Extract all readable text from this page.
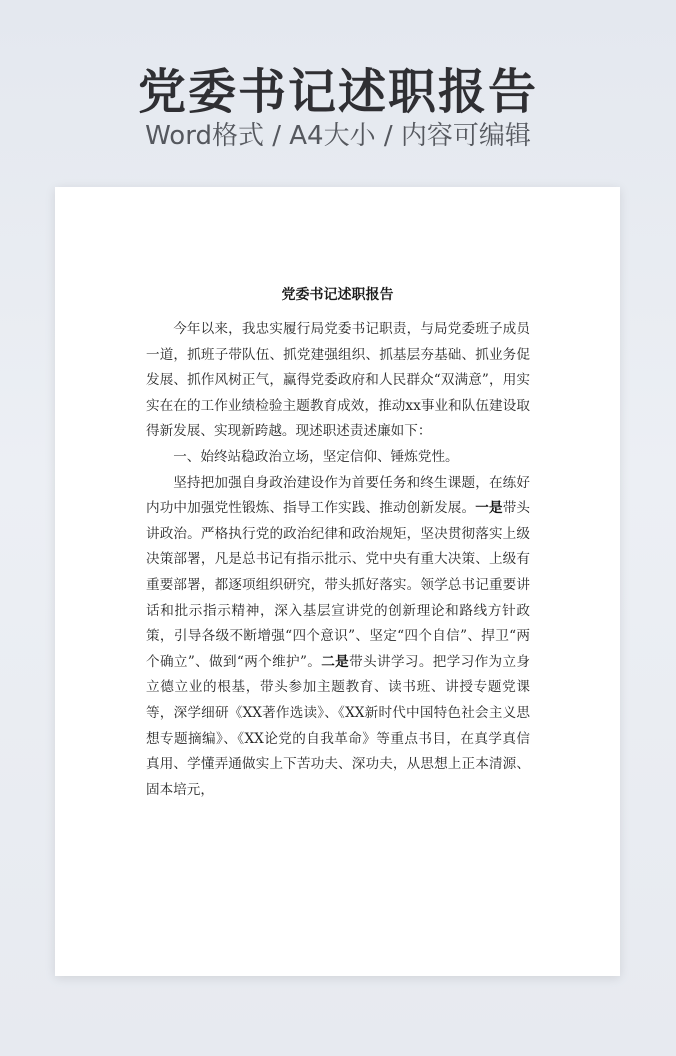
党委书记述职报告
Word格式 / A4大小 / 内容可编辑
党委书记述职报告

今年以来，我忠实履行局党委书记职责，与局党委班子成员一道，抓班子带队伍、抓党建强组织、抓基层夯基础、抓业务促发展、抓作风树正气，赢得党委政府和人民群众“双满意”，用实实在在的工作业绩检验主题教育成效，推动xx事业和队伍建设取得新发展、实现新跨越。现述职述责述廉如下：

一、始终站稳政治立场，坚定信仰、锤炼党性。

坚持把加强自身政治建设作为首要任务和终生课题，在练好内功中加强党性锻炼、指导工作实践、推动创新发展。一是带头讲政治。严格执行党的政治纪律和政治规矩，坚决贯彻落实上级决策部署，凡是总书记有指示批示、党中央有重大决策、上级有重要部署，都逐项组织研究，带头抓好落实。领学总书记重要讲话和批示指示精神，深入基层宣讲党的创新理论和路线方针政策，引导各级不断增强“四个意识”、坚定“四个自信”、捍卫“两个确立”、做到“两个维护”。二是带头讲学习。把学习作为立身立德立业的根基，带头参加主题教育、读书班、讲授专题党课等，深学细研《XX著作选读》、《XX新时代中国特色社会主义思想专题摘编》、《XX论党的自我革命》等重点书目，在真学真信真用、学懂弄通做实上下苦功夫、深功夫，从思想上正本清源、固本培元，
